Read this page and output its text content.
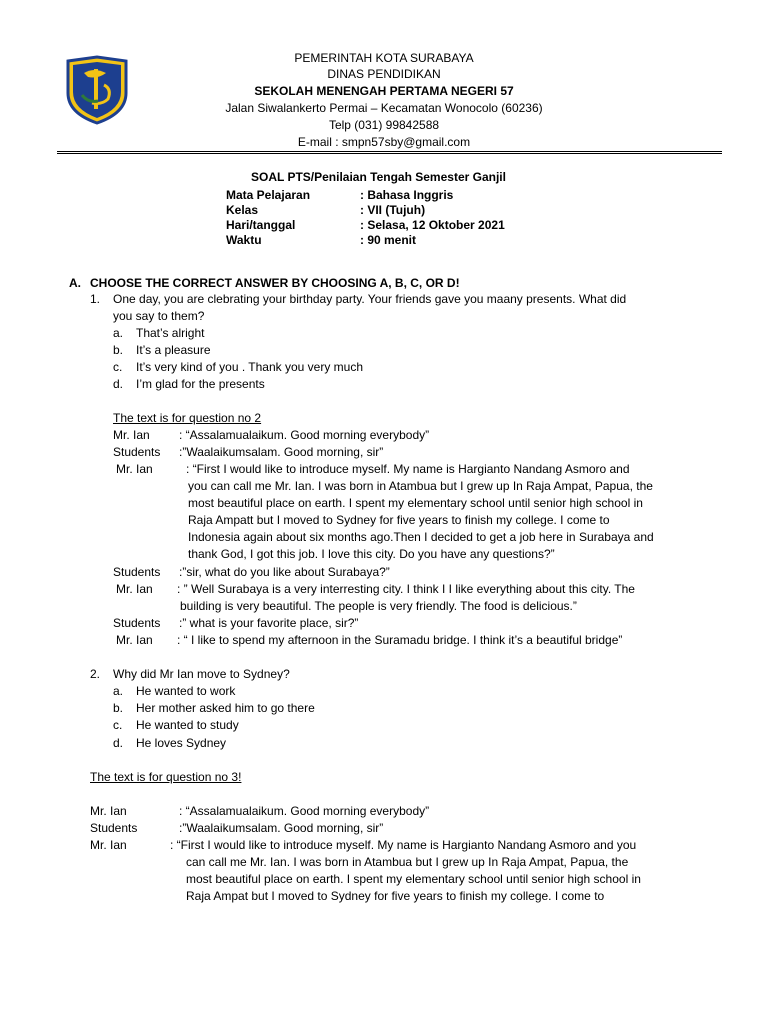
PEMERINTAH KOTA SURABAYA
DINAS PENDIDIKAN
SEKOLAH MENENGAH PERTAMA NEGERI 57
Jalan Siwalankerto Permai – Kecamatan Wonocolo (60236)
Telp (031) 99842588
E-mail : smpn57sby@gmail.com
SOAL PTS/Penilaian Tengah Semester Ganjil
Mata Pelajaran	: Bahasa Inggris
Kelas	: VII (Tujuh)
Hari/tanggal	: Selasa, 12 Oktober 2021
Waktu	: 90 menit
A. CHOOSE THE CORRECT ANSWER BY CHOOSING A, B, C, OR D!
1. One day, you are clebrating your birthday party. Your friends gave you maany presents. What did
you say to them?
a. That’s alright
b. It’s a pleasure
c. It’s very kind of you . Thank you very much
d. I’m glad for the presents
The text is for question no 2
Mr. Ian : “Assalamualaikum. Good morning everybody”
Students :”Waalaikumsalam. Good morning, sir”
Mr. Ian	: “First I would like to introduce myself. My name is Hargianto Nandang Asmoro and
you can call me Mr. Ian. I was born in Atambua but I grew up In Raja Ampat, Papua, the
most beautiful place on earth. I spent my elementary school until senior high school in
Raja Ampatt but I moved to Sydney for five years to finish my college. I come to
Indonesia again about six months ago.Then I decided to get a job here in Surabaya and
thank God, I got this job. I love this city. Do you have any questions?”
Students :”sir, what do you like about Surabaya?”
Mr. Ian : ” Well Surabaya is a very interresting city. I think I I like everything about this city. The
building is very beautiful. The people is very friendly. The food is delicious.”
Students :” what is your favorite place, sir?”
Mr. Ian : “ I like to spend my afternoon in the Suramadu bridge. I think it’s a beautiful bridge”
2. Why did Mr Ian move to Sydney?
a. He wanted to work
b. Her mother asked him to go there
c. He wanted to study
d. He loves Sydney
The text is for question no 3!
Mr. Ian	: “Assalamualaikum. Good morning everybody”
Students	:”Waalaikumsalam. Good morning, sir”
Mr. Ian	: “First I would like to introduce myself. My name is Hargianto Nandang Asmoro and you
can call me Mr. Ian. I was born in Atambua but I grew up In Raja Ampat, Papua, the
most beautiful place on earth. I spent my elementary school until senior high school in
Raja Ampat but I moved to Sydney for five years to finish my college. I come to
